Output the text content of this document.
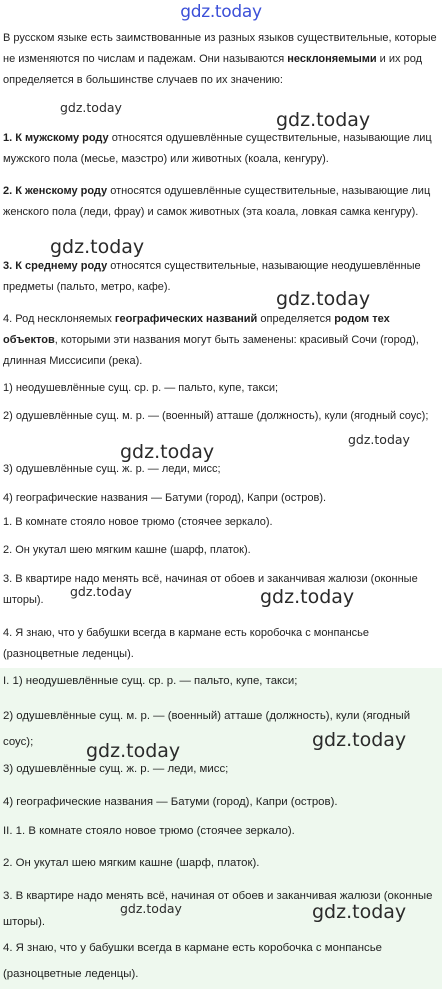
gdz.today

В русском языке есть заимствованные из разных языков существительные, которые не изменяются по числам и падежам. Они называются несклоняемыми и их род определяется в большинстве случаев по их значению:

1. К мужскому роду относятся одушевлённые существительные, называющие лиц мужского пола (месье, маэстро) или животных (коала, кенгуру).

2. К женскому роду относятся одушевлённые существительные, называющие лиц женского пола (леди, фрау) и самок животных (эта коала, ловкая самка кенгуру).

3. К среднему роду относятся существительные, называющие неодушевлённые предметы (пальто, метро, кафе).

4. Род несклоняемых географических названий определяется родом тех объектов, которыми эти названия могут быть заменены: красивый Сочи (город), длинная Миссисипи (река).

1) неодушевлённые сущ. ср. р. — пальто, купе, такси;

2) одушевлённые сущ. м. р. — (военный) атташе (должность), кули (ягодный соус);

3) одушевлённые сущ. ж. р. — леди, мисс;

4) географические названия — Батуми (город), Капри (остров).

1. В комнате стояло новое трюмо (стоячее зеркало).

2. Он укутал шею мягким кашне (шарф, платок).

3. В квартире надо менять всё, начиная от обоев и заканчивая жалюзи (оконные шторы).

4. Я знаю, что у бабушки всегда в кармане есть коробочка с монпансье (разноцветные леденцы).

I. 1) неодушевлённые сущ. ср. р. — пальто, купе, такси;

2) одушевлённые сущ. м. р. — (военный) атташе (должность), кули (ягодный соус);

3) одушевлённые сущ. ж. р. — леди, мисс;

4) географические названия — Батуми (город), Капри (остров).

II. 1. В комнате стояло новое трюмо (стоячее зеркало).

2. Он укутал шею мягким кашне (шарф, платок).

3. В квартире надо менять всё, начиная от обоев и заканчивая жалюзи (оконные шторы).

4. Я знаю, что у бабушки всегда в кармане есть коробочка с монпансье (разноцветные леденцы).

gdz.today
gdz.today
gdz.today
gdz.today
gdz.today
gdz.today
gdz.today	gdz.today
gdz.today
gdz.today
gdz.today	gdz.today
